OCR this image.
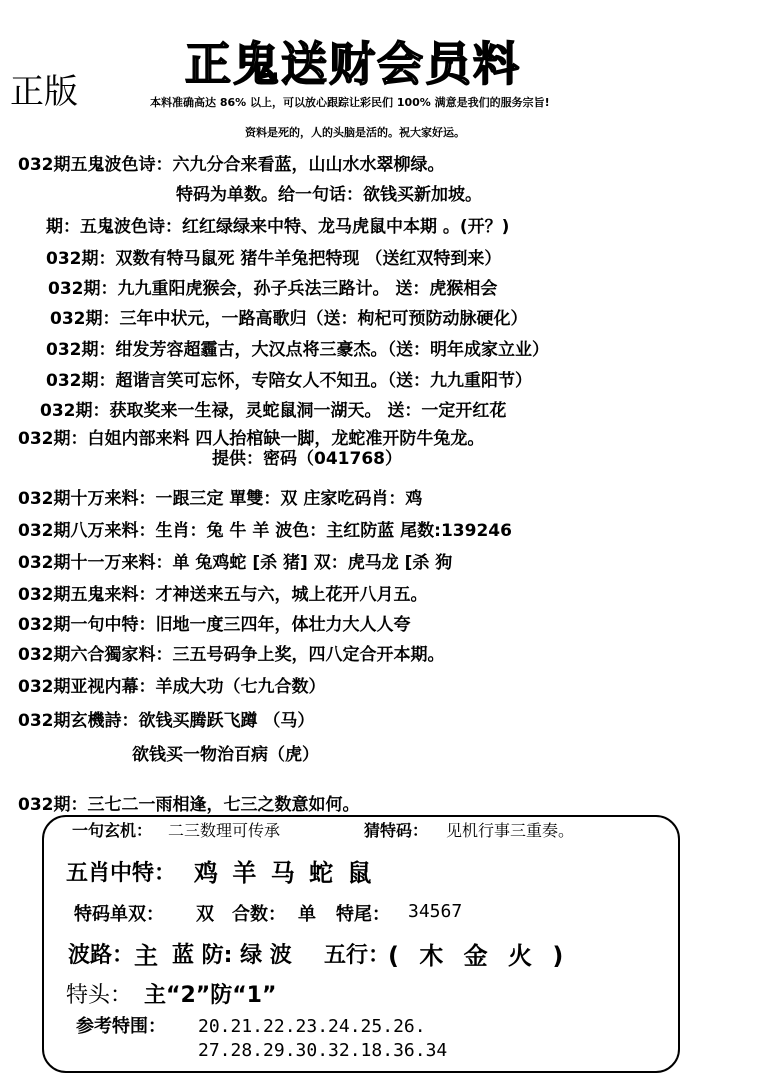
正鬼送财会员料
正版	本料准确高达 86% 以上，可以放心跟踪让彩民们 100% 满意是我们的服务宗旨!
资料是死的，人的头脑是活的。祝大家好运。
032期五鬼波色诗：六九分合来看蓝，山山水水翠柳绿。
特码为单数。给一句话：欲钱买新加坡。
期：五鬼波色诗：红红绿绿来中特、龙马虎鼠中本期 。(开？)
032期：双数有特马鼠死 猪牛羊兔把特现 （送红双特到来）
032期：九九重阳虎猴会，孙子兵法三路计。 送：虎猴相会
032期：三年中状元，一路高歌归（送：枸杞可预防动脉硬化）
032期：绀发芳容超霾古，大汉点将三豪杰。（送：明年成家立业）
032期：超谐言笑可忘怀，专陪女人不知丑。（送：九九重阳节）
032期：获取奖来一生禄，灵蛇鼠洞一湖天。 送：一定开红花
032期：白姐内部来料 四人抬棺缺一脚，龙蛇准开防牛兔龙。
提供：密码（041768）
032期十万来料：一跟三定 單雙：双 庄家吃码肖：鸡
032期八万来料：生肖：兔 牛 羊 波色：主红防蓝 尾数:139246
032期十一万来料：单 兔鸡蛇 [杀 猪] 双：虎马龙 [杀 狗
032期五鬼来料：才神送来五与六，城上花开八月五。
032期一句中特：旧地一度三四年，体壮力大人人夸
032期六合獨家料：三五号码争上奖，四八定合开本期。
032期亚视内幕：羊成大功（七九合数）
032期玄機詩：欲钱买腾跃飞蹲 （马）
欲钱买一物治百病（虎）
032期：三七二一雨相逢，七三之数意如何。
一句玄机： 二三数理可传承	猜特码： 见机行事三重奏。
五肖中特： 鸡 羊 马 蛇 鼠
特码单双： 双 合数： 单 特尾： 34567
波路： 主 蓝 防: 绿 波 五行：
( 木 金 火 )
特头： 主“2”防“1”
参考特围： 20.21.22.23.24.25.26.
27.28.29.30.32.18.36.34
